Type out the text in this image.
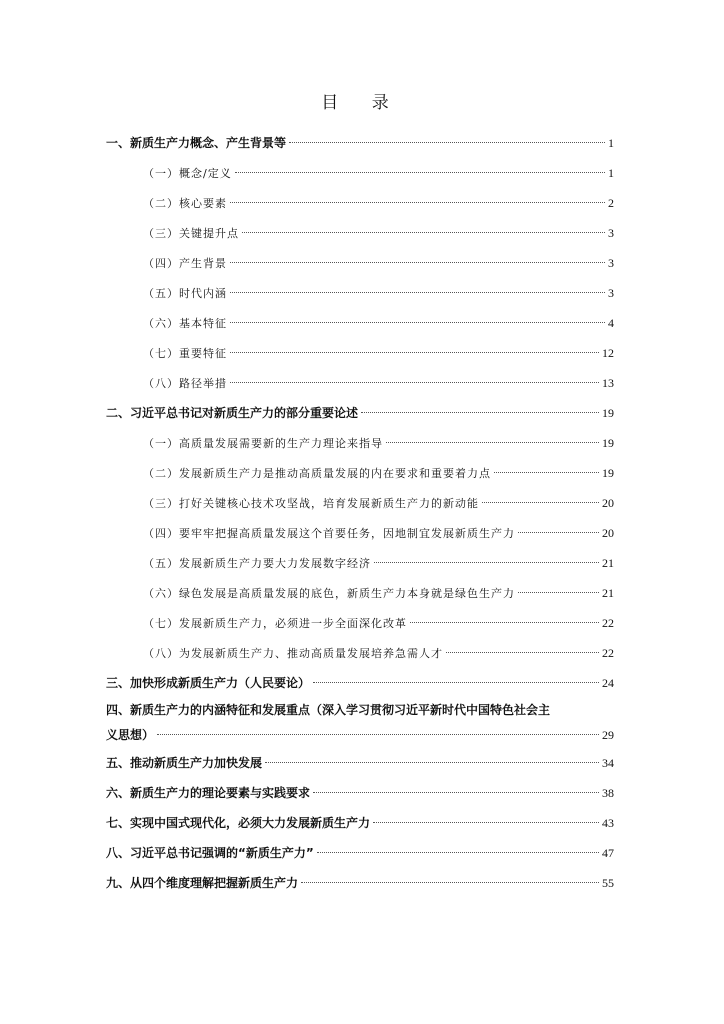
目 录
一、新质生产力概念、产生背景等	1
（一）概念/定义	1
（二）核心要素	2
（三）关键提升点	3
（四）产生背景	3
（五）时代内涵	3
（六）基本特征	4
（七）重要特征	12
（八）路径举措	13
二、习近平总书记对新质生产力的部分重要论述	19
（一）高质量发展需要新的生产力理论来指导	19
（二）发展新质生产力是推动高质量发展的内在要求和重要着力点	19
（三）打好关键核心技术攻坚战，培育发展新质生产力的新动能	20
（四）要牢牢把握高质量发展这个首要任务，因地制宜发展新质生产力	20
（五）发展新质生产力要大力发展数字经济	21
（六）绿色发展是高质量发展的底色，新质生产力本身就是绿色生产力	21
（七）发展新质生产力，必须进一步全面深化改革	22
（八）为发展新质生产力、推动高质量发展培养急需人才	22
三、加快形成新质生产力（人民要论）	24
四、新质生产力的内涵特征和发展重点（深入学习贯彻习近平新时代中国特色社会主
义思想）	29
五、推动新质生产力加快发展	34
六、新质生产力的理论要素与实践要求	38
七、实现中国式现代化，必须大力发展新质生产力	43
八、习近平总书记强调的“新质生产力”	47
九、从四个维度理解把握新质生产力	55
